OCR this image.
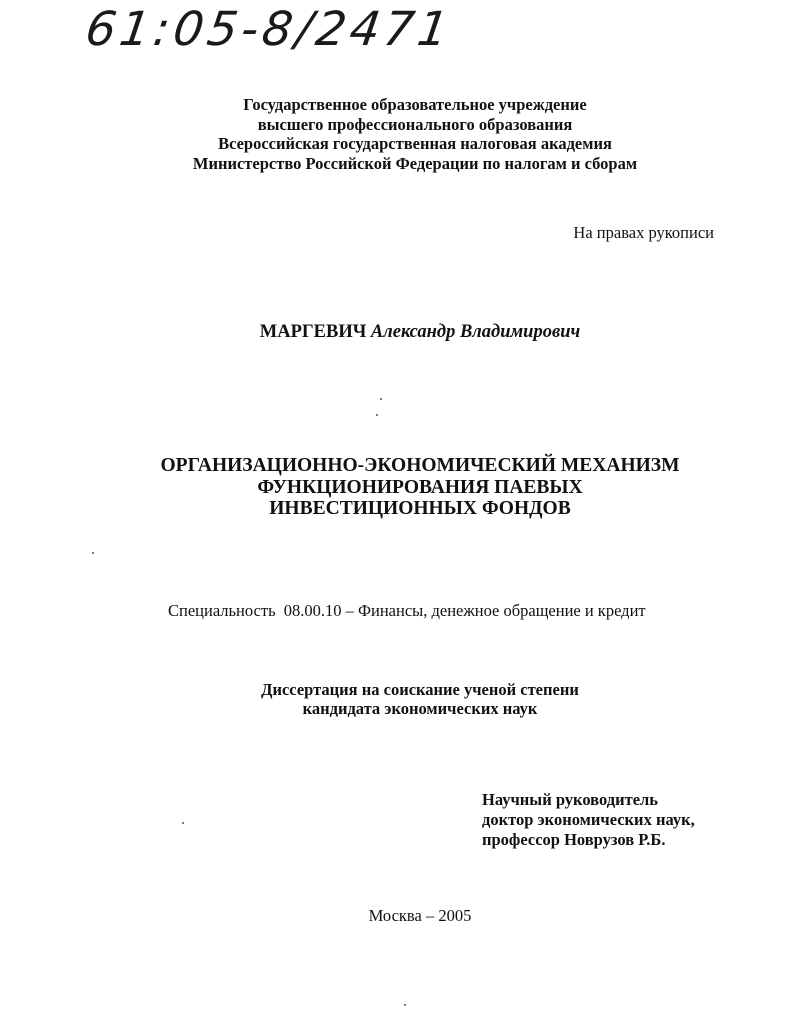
61:05-8/2471
Государственное образовательное учреждение
высшего профессионального образования
Всероссийская государственная налоговая академия
Министерство Российской Федерации по налогам и сборам
На правах рукописи
МАРГЕВИЧ Александр Владимирович
ОРГАНИЗАЦИОННО-ЭКОНОМИЧЕСКИЙ МЕХАНИЗМ
ФУНКЦИОНИРОВАНИЯ ПАЕВЫХ
ИНВЕСТИЦИОННЫХ ФОНДОВ
Специальность 08.00.10 – Финансы, денежное обращение и кредит
Диссертация на соискание ученой степени
кандидата экономических наук
Научный руководитель
доктор экономических наук,
профессор Новрузов Р.Б.
Москва – 2005
